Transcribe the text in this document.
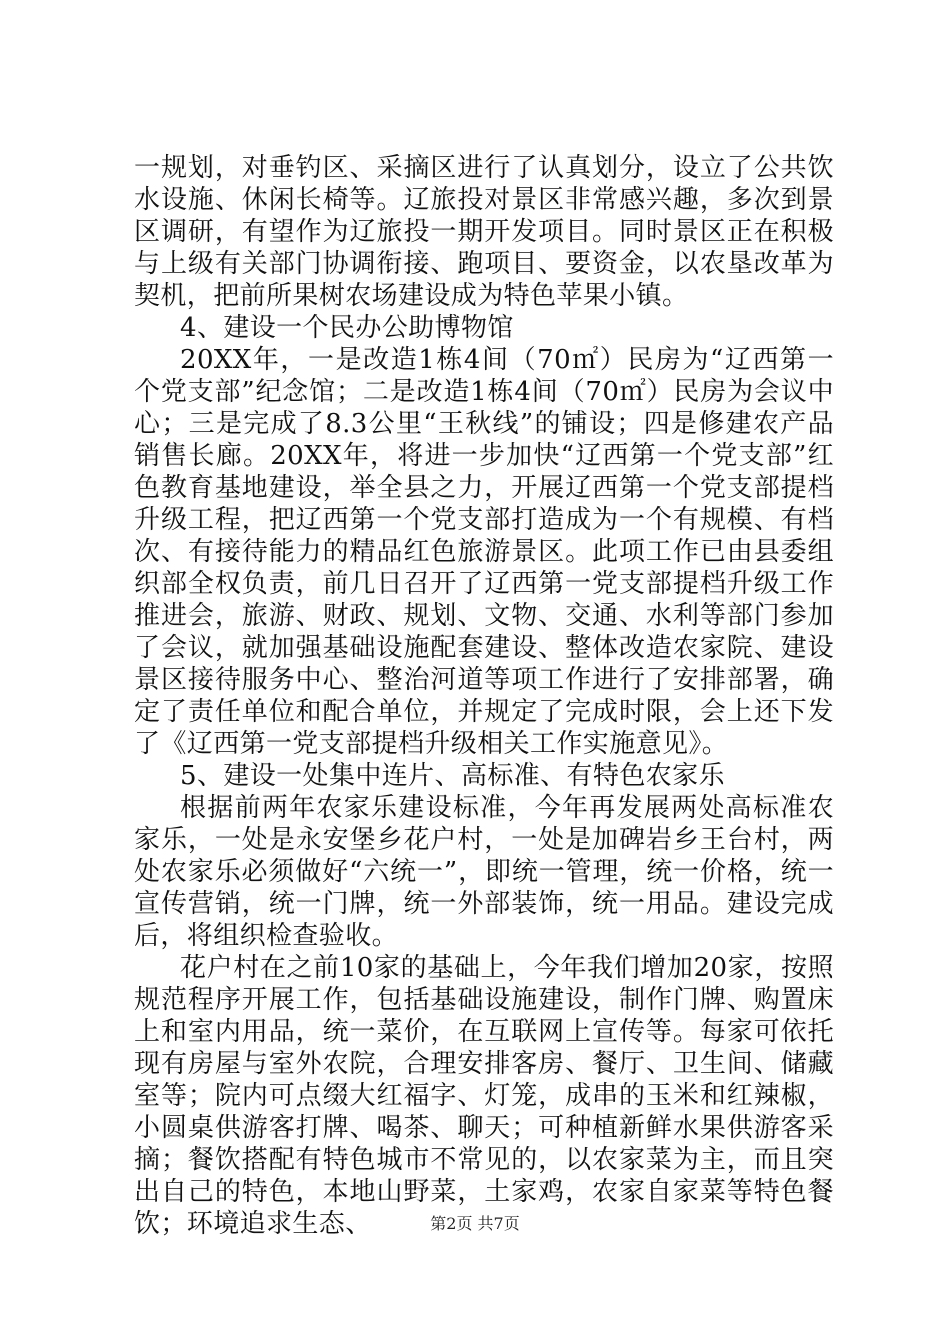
一规划，对垂钓区、采摘区进行了认真划分，设立了公共饮水设施、休闲长椅等。辽旅投对景区非常感兴趣，多次到景区调研，有望作为辽旅投一期开发项目。同时景区正在积极与上级有关部门协调衔接、跑项目、要资金，以农垦改革为契机，把前所果树农场建设成为特色苹果小镇。

4、建设一个民办公助博物馆

20XX年，一是改造1栋4间（70㎡）民房为“辽西第一个党支部”纪念馆；二是改造1栋4间（70㎡）民房为会议中心；三是完成了8.3公里“王秋线”的铺设；四是修建农产品销售长廊。20XX年，将进一步加快“辽西第一个党支部”红色教育基地建设，举全县之力，开展辽西第一个党支部提档升级工程，把辽西第一个党支部打造成为一个有规模、有档次、有接待能力的精品红色旅游景区。此项工作已由县委组织部全权负责，前几日召开了辽西第一党支部提档升级工作推进会，旅游、财政、规划、文物、交通、水利等部门参加了会议，就加强基础设施配套建设、整体改造农家院、建设景区接待服务中心、整治河道等项工作进行了安排部署，确定了责任单位和配合单位，并规定了完成时限，会上还下发了《辽西第一党支部提档升级相关工作实施意见》。

5、建设一处集中连片、高标准、有特色农家乐

根据前两年农家乐建设标准，今年再发展两处高标准农家乐，一处是永安堡乡花户村，一处是加碑岩乡王台村，两处农家乐必须做好“六统一”，即统一管理，统一价格，统一宣传营销，统一门牌，统一外部装饰，统一用品。建设完成后，将组织检查验收。

花户村在之前10家的基础上，今年我们增加20家，按照规范程序开展工作，包括基础设施建设，制作门牌、购置床上和室内用品，统一菜价，在互联网上宣传等。每家可依托现有房屋与室外农院，合理安排客房、餐厅、卫生间、储藏室等；院内可点缀大红福字、灯笼，成串的玉米和红辣椒，小圆桌供游客打牌、喝茶、聊天；可种植新鲜水果供游客采摘；餐饮搭配有特色城市不常见的，以农家菜为主，而且突出自己的特色，本地山野菜，土家鸡，农家自家菜等特色餐饮；环境追求生态、	第2页 共7页
